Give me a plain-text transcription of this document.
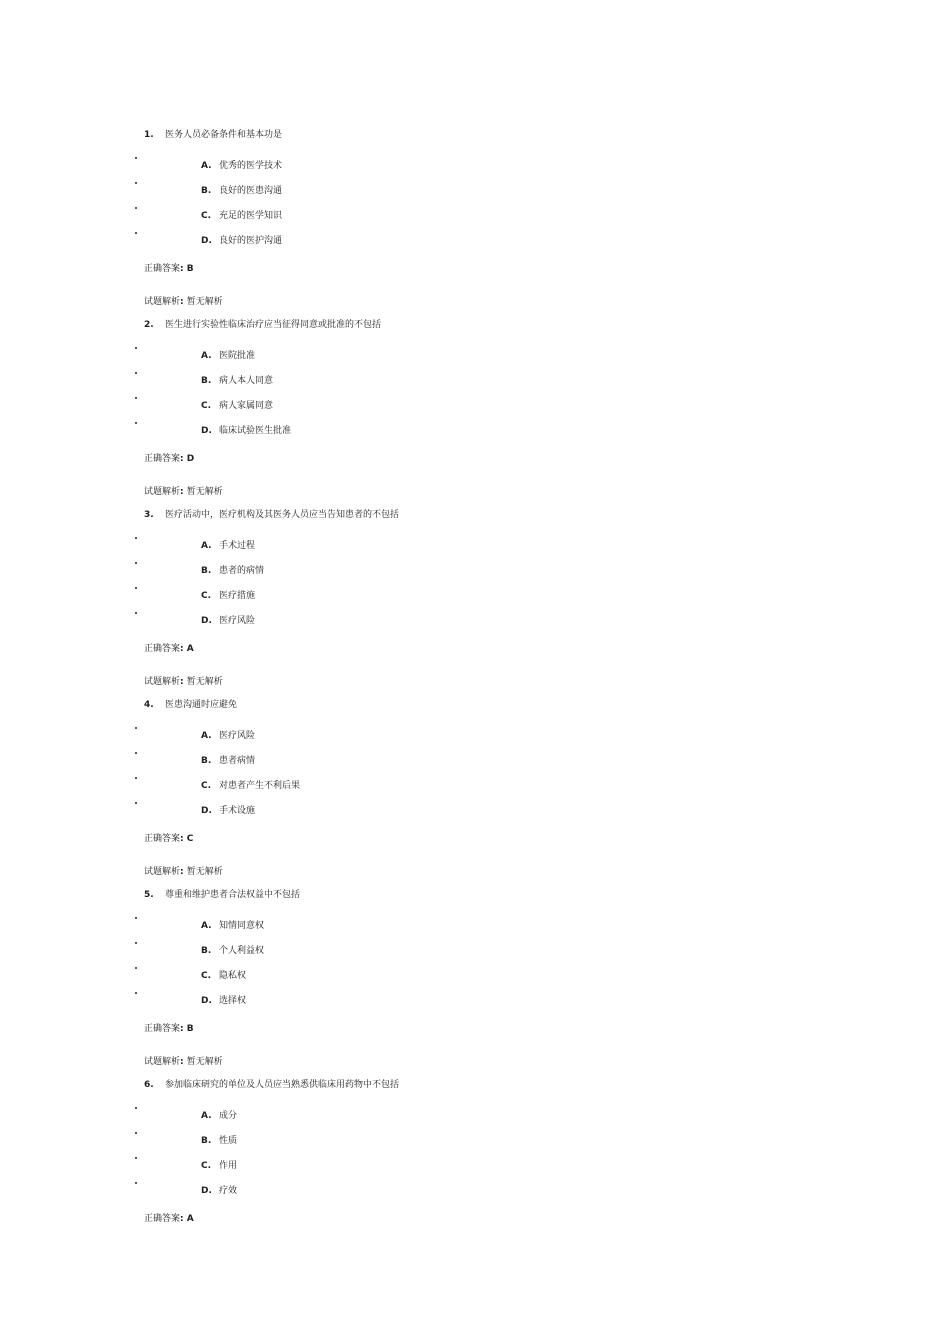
1. 医务人员必备条件和基本功是
A. 优秀的医学技术
B. 良好的医患沟通
C. 充足的医学知识
D. 良好的医护沟通
正确答案: B
试题解析: 暂无解析
2. 医生进行实验性临床治疗应当征得同意或批准的不包括
A. 医院批准
B. 病人本人同意
C. 病人家属同意
D. 临床试验医生批准
正确答案: D
试题解析: 暂无解析
3. 医疗活动中，医疗机构及其医务人员应当告知患者的不包括
A. 手术过程
B. 患者的病情
C. 医疗措施
D. 医疗风险
正确答案: A
试题解析: 暂无解析
4. 医患沟通时应避免
A. 医疗风险
B. 患者病情
C. 对患者产生不利后果
D. 手术设施
正确答案: C
试题解析: 暂无解析
5. 尊重和维护患者合法权益中不包括
A. 知情同意权
B. 个人利益权
C. 隐私权
D. 选择权
正确答案: B
试题解析: 暂无解析
6. 参加临床研究的单位及人员应当熟悉供临床用药物中不包括
A. 成分
B. 性质
C. 作用
D. 疗效
正确答案: A
